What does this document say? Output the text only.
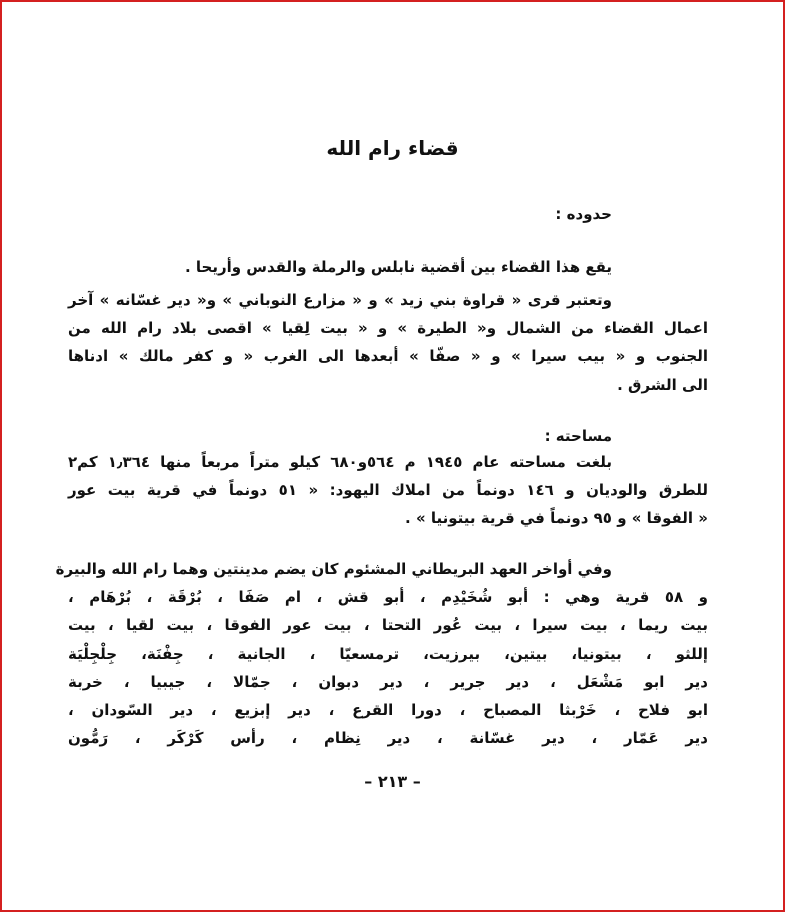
قضاء رام الله
حدوده :
يقع هذا القضاء بين أقضية نابلس والرملة والقدس وأريحا .
وتعتبر قرى « قراوة بني زيد » و « مزارع النوباني » و« دير غسّانه » آخر
اعمال القضاء من الشمال و« الطيرة » و « بيت لِقيا » اقصى بلاد رام الله من
الجنوب و « بيب سيرا » و « صفّا » أبعدها الى الغرب « و كفر مالك » ادناها
الى الشرق .
مساحته :
بلغت مساحته عام ١٩٤٥ م ٥٦٤و٦٨٠ كيلو متراً مربعاً منها ١٫٣٦٤ كم٢
للطرق والوديان و ١٤٦ دونماً من املاك اليهود: « ٥١ دونماً في قرية بيت عور
« الفوقا » و ٩٥ دونماً في قرية بيتونيا » .
وفي أواخر العهد البريطاني المشئوم كان يضم مدينتين وهما رام الله والبيرة
و ٥٨ قرية وهي : أبو شُخَيْدِم ، أبو قش ، ام صَفَا ، بُرْقَة ، بُرْهَام ،
بيت ريما ، بيت سيرا ، بيت عُور التحتا ، بيت عور الفوقا ، بيت لقيا ، بيت
إللثو ، بيتونيا، بيتين، بيرزيت، ترمسعيّا ، الجانية ، جِفْنَة، جِلْجِلْيَة
دير ابو مَشْعَل ، دير جرير ، دير دبوان ، جمّالا ، جيبيا ، خربة
ابو فلاح ، خَرْبثا المصباح ، دورا القرع ، دير إبزيع ، دير السّودان ،
دير عَمّار ، دير غسّانة ، دير نِظام ، رأس كَرْكَر ، رَمُّون
– ٢١٣ –
